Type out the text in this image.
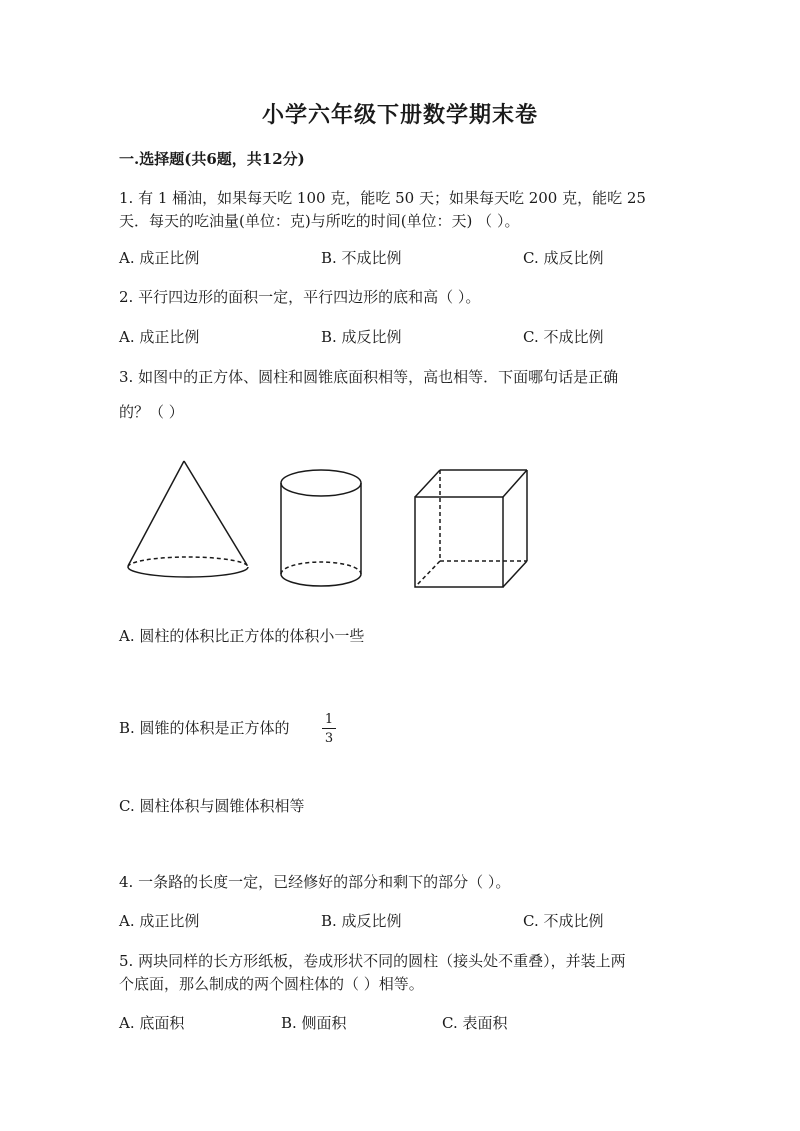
小学六年级下册数学期末卷
一.选择题(共6题，共12分)
1. 有 1 桶油，如果每天吃 100 克，能吃 50 天；如果每天吃 200 克，能吃 25
天．每天的吃油量(单位：克)与所吃的时间(单位：天) （ ）。
A. 成正比例	B. 不成比例	C. 成反比例
2. 平行四边形的面积一定，平行四边形的底和高（ ）。
A. 成正比例	B. 成反比例	C. 不成比例
3. 如图中的正方体、圆柱和圆锥底面积相等，高也相等．下面哪句话是正确
的？（ ）
A. 圆柱的体积比正方体的体积小一些
B. 圆锥的体积是正方体的	1
3
C. 圆柱体积与圆锥体积相等
4. 一条路的长度一定，已经修好的部分和剩下的部分（ ）。
A. 成正比例	B. 成反比例	C. 不成比例
5. 两块同样的长方形纸板，卷成形状不同的圆柱（接头处不重叠），并装上两
个底面，那么制成的两个圆柱体的（ ）相等。
A. 底面积	B. 侧面积	C. 表面积
